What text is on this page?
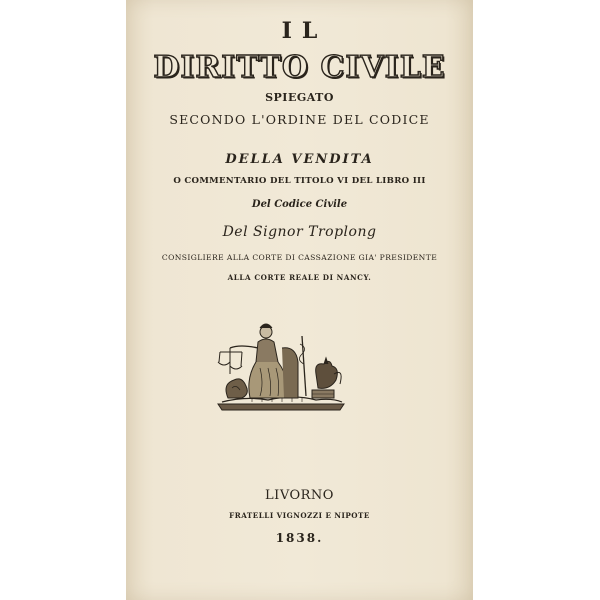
IL
DIRITTO CIVILE
SPIEGATO
SECONDO L'ORDINE DEL CODICE
DELLA VENDITA
O COMMENTARIO DEL TITOLO VI DEL LIBRO III
Del Codice Civile
Del Signor Troplong
CONSIGLIERE ALLA CORTE DI CASSAZIONE GIA' PRESIDENTE
ALLA CORTE REALE DI NANCY.
LIVORNO
FRATELLI VIGNOZZI E NIPOTE
1838.
